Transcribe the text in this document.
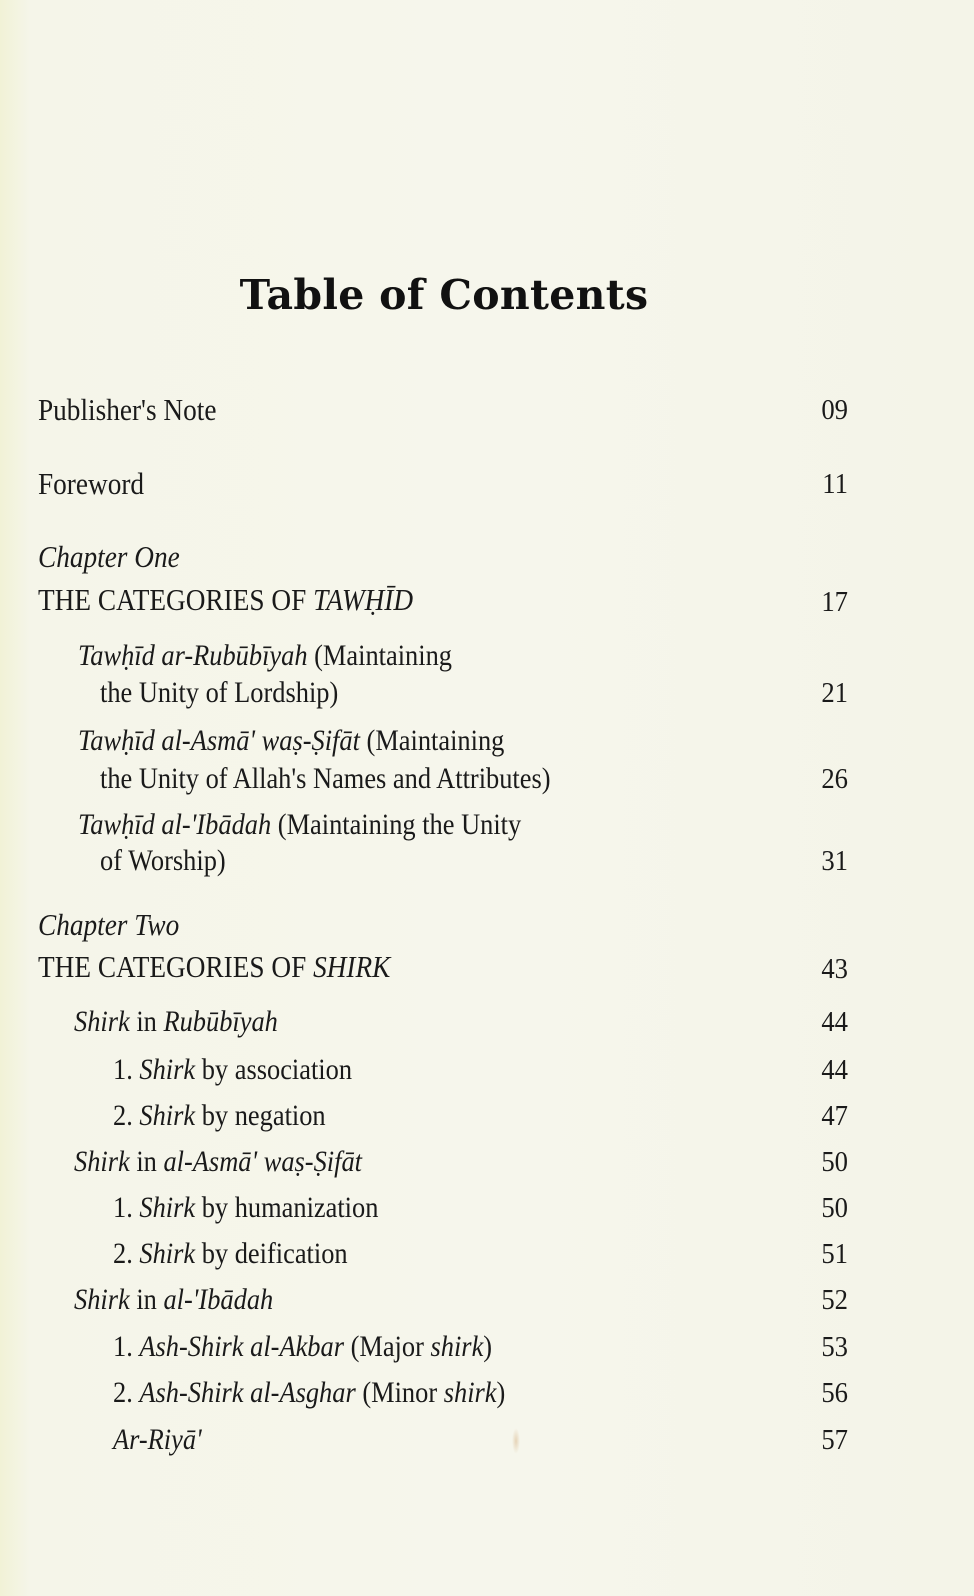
Table of Contents
Publisher's Note	09
Foreword	11
Chapter One
THE CATEGORIES OF TAWḤĪD	17
Tawḥīd ar-Rubūbīyah (Maintaining
the Unity of Lordship)	21
Tawḥīd al-Asmā' waṣ-Ṣifāt (Maintaining
the Unity of Allah's Names and Attributes)	26
Tawḥīd al-'Ibādah (Maintaining the Unity
of Worship)	31
Chapter Two
THE CATEGORIES OF SHIRK	43
Shirk in Rubūbīyah	44
1. Shirk by association	44
2. Shirk by negation	47
Shirk in al-Asmā' waṣ-Ṣifāt	50
1. Shirk by humanization	50
2. Shirk by deification	51
Shirk in al-'Ibādah	52
1. Ash-Shirk al-Akbar (Major shirk)	53
2. Ash-Shirk al-Asghar (Minor shirk)	56
Ar-Riyā'	57
